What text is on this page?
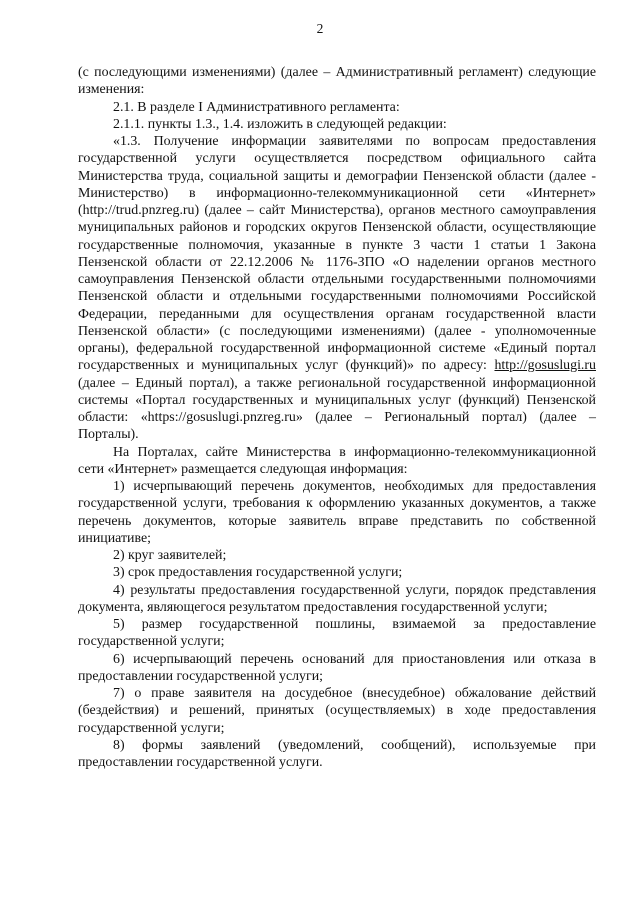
2

(с последующими изменениями) (далее – Административный регламент) следующие изменения:

2.1. В разделе I Административного регламента:

2.1.1. пункты 1.3., 1.4. изложить в следующей редакции:

«1.3. Получение информации заявителями по вопросам предоставления государственной услуги осуществляется посредством официального сайта Министерства труда, социальной защиты и демографии Пензенской области (далее - Министерство) в информационно-телекоммуникационной сети «Интернет» (http://trud.pnzreg.ru) (далее – сайт Министерства), органов местного самоуправления муниципальных районов и городских округов Пензенской области, осуществляющие государственные полномочия, указанные в пункте 3 части 1 статьи 1 Закона Пензенской области от 22.12.2006 № 1176-ЗПО «О наделении органов местного самоуправления Пензенской области отдельными государственными полномочиями Пензенской области и отдельными государственными полномочиями Российской Федерации, переданными для осуществления органам государственной власти Пензенской области» (с последующими изменениями) (далее - уполномоченные органы), федеральной государственной информационной системе «Единый портал государственных и муниципальных услуг (функций)» по адресу: http://gosuslugi.ru (далее – Единый портал), а также региональной государственной информационной системы «Портал государственных и муниципальных услуг (функций) Пензенской области: «https://gosuslugi.pnzreg.ru» (далее – Региональный портал) (далее – Порталы).

На Порталах, сайте Министерства в информационно-телекоммуникационной сети «Интернет» размещается следующая информация:

1) исчерпывающий перечень документов, необходимых для предоставления государственной услуги, требования к оформлению указанных документов, а также перечень документов, которые заявитель вправе представить по собственной инициативе;

2) круг заявителей;

3) срок предоставления государственной услуги;

4) результаты предоставления государственной услуги, порядок представления документа, являющегося результатом предоставления государственной услуги;

5) размер государственной пошлины, взимаемой за предоставление государственной услуги;

6) исчерпывающий перечень оснований для приостановления или отказа в предоставлении государственной услуги;

7) о праве заявителя на досудебное (внесудебное) обжалование действий (бездействия) и решений, принятых (осуществляемых) в ходе предоставления государственной услуги;

8) формы заявлений (уведомлений, сообщений), используемые при предоставлении государственной услуги.
